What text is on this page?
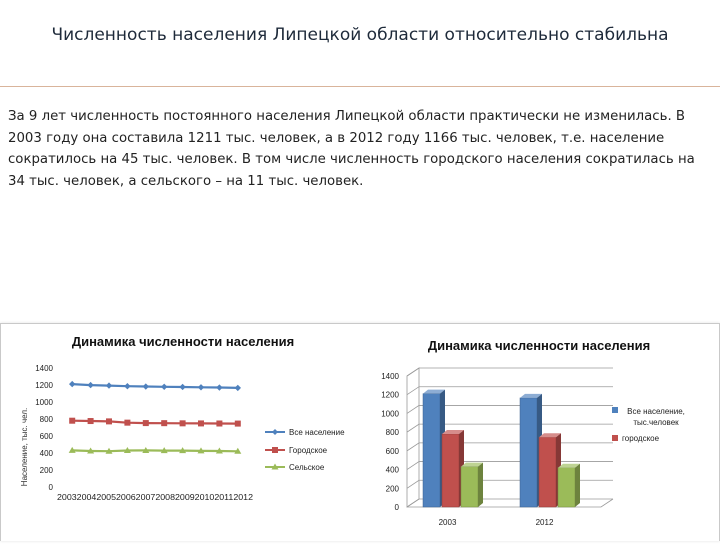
Численность населения Липецкой области относительно стабильна
За 9 лет численность постоянного населения Липецкой области практически не изменилась. В 2003 году она составила 1211 тыс. человек, а в 2012 году 1166 тыс. человек, т.е. население сократилось на 45 тыс. человек. В том числе численность городского населения сократилась на 34 тыс. человек, а сельского – на 11 тыс. человек.
Динамика численности населения
Население, тыс. чел.
0
200
400
600
800
1000
1200
1400
2003200420052006200720082009201020112012
Все население
Городское
Сельское
Динамика численности населения
0
200
400
600
800
1000
1200
1400
2003	2012
Все население,
тыс.человек
городское
